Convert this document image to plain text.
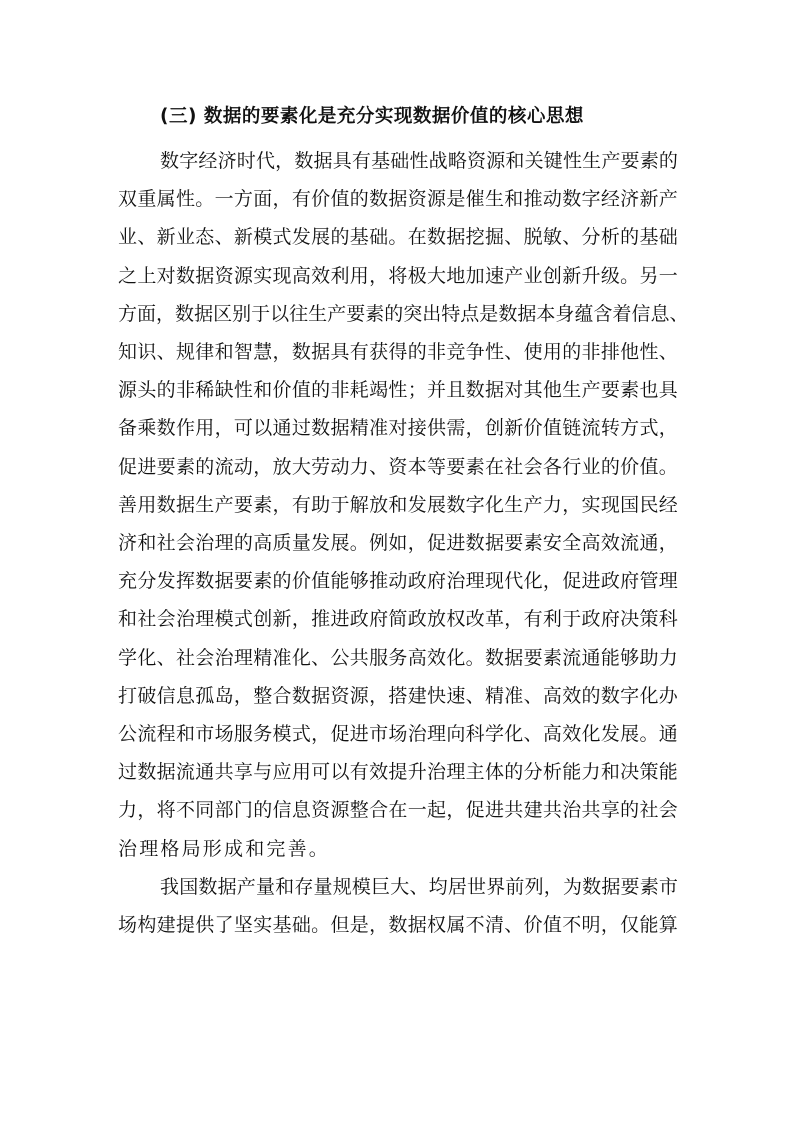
(三) 数据的要素化是充分实现数据价值的核心思想
数 字 经 济 时 代 ， 数 据 具 有 基 础 性 战 略 资 源 和 关 键 性 生 产 要 素 的
双 重 属 性 。 一 方 面 ， 有 价 值 的 数 据 资 源 是 催 生 和 推 动 数 字 经 济 新 产
业 、 新 业 态 、 新 模 式 发 展 的 基 础 。 在 数 据 挖 掘 、 脱 敏 、 分 析 的 基 础
之 上 对 数 据 资 源 实 现 高 效 利 用 ， 将 极 大 地 加 速 产 业 创 新 升 级 。 另 一
方 面 ， 数 据 区 别 于 以 往 生 产 要 素 的 突 出 特 点 是 数 据 本 身 蕴 含 着 信 息 、
知 识 、 规 律 和 智 慧 ， 数 据 具 有 获 得 的 非 竞 争 性 、 使 用 的 非 排 他 性 、
源 头 的 非 稀 缺 性 和 价 值 的 非 耗 竭 性 ； 并 且 数 据 对 其 他 生 产 要 素 也 具
备 乘 数 作 用 ， 可 以 通 过 数 据 精 准 对 接 供 需 ， 创 新 价 值 链 流 转 方 式 ，
促 进 要 素 的 流 动 ， 放 大 劳 动 力 、 资 本 等 要 素 在 社 会 各 行 业 的 价 值 。
善 用 数 据 生 产 要 素 ， 有 助 于 解 放 和 发 展 数 字 化 生 产 力 ， 实 现 国 民 经
济 和 社 会 治 理 的 高 质 量 发 展 。 例 如 ， 促 进 数 据 要 素 安 全 高 效 流 通 ，
充 分 发 挥 数 据 要 素 的 价 值 能 够 推 动 政 府 治 理 现 代 化 ， 促 进 政 府 管 理
和 社 会 治 理 模 式 创 新 ， 推 进 政 府 简 政 放 权 改 革 ， 有 利 于 政 府 决 策 科
学 化 、 社 会 治 理 精 准 化 、 公 共 服 务 高 效 化 。 数 据 要 素 流 通 能 够 助 力
打 破 信 息 孤 岛 ， 整 合 数 据 资 源 ， 搭 建 快 速 、 精 准 、 高 效 的 数 字 化 办
公 流 程 和 市 场 服 务 模 式 ， 促 进 市 场 治 理 向 科 学 化 、 高 效 化 发 展 。 通
过 数 据 流 通 共 享 与 应 用 可 以 有 效 提 升 治 理 主 体 的 分 析 能 力 和 决 策 能
力 ， 将 不 同 部 门 的 信 息 资 源 整 合 在 一 起 ， 促 进 共 建 共 治 共 享 的 社 会
治理格局形成和完善。
我 国 数 据 产 量 和 存 量 规 模 巨 大 、 均 居 世 界 前 列 ， 为 数 据 要 素 市
场 构 建 提 供 了 坚 实 基 础 。 但 是 ， 数 据 权 属 不 清 、 价 值 不 明 ， 仅 能 算
